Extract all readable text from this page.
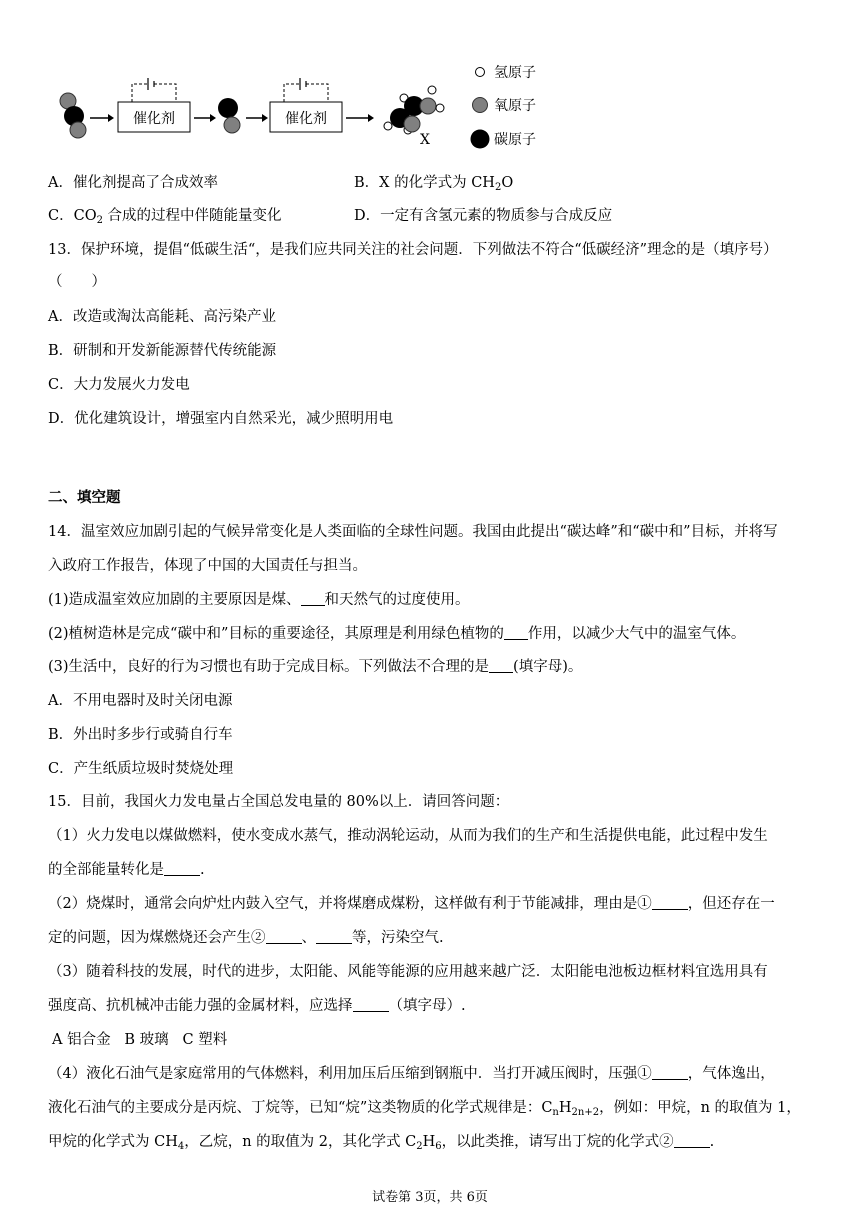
催化剂	催化剂
X
氢原子
氧原子
碳原子
A．催化剂提高了合成效率	B．X 的化学式为 $CH_2O$
C．$CO_2$ 合成的过程中伴随能量变化	D．一定有含氢元素的物质参与合成反应
13．保护环境，提倡“低碳生活“，是我们应共同关注的社会问题．下列做法不符合“低碳经济”理念的是（填序号）
（　　）
A．改造或淘汰高能耗、高污染产业
B．研制和开发新能源替代传统能源
C．大力发展火力发电
D．优化建筑设计，增强室内自然采光，减少照明用电
二、填空题
14．温室效应加剧引起的气候异常变化是人类面临的全球性问题。我国由此提出“碳达峰”和“碳中和”目标，并将写
入政府工作报告，体现了中国的大国责任与担当。
(1)造成温室效应加剧的主要原因是煤、 和天然气的过度使用。
(2)植树造林是完成“碳中和”目标的重要途径，其原理是利用绿色植物的 作用，以减少大气中的温室气体。
(3)生活中，良好的行为习惯也有助于完成目标。下列做法不合理的是 (填字母)。
A．不用电器时及时关闭电源
B．外出时多步行或骑自行车
C．产生纸质垃圾时焚烧处理
15．目前，我国火力发电量占全国总发电量的 80%以上．请回答问题：
（1）火力发电以煤做燃料，使水变成水蒸气，推动涡轮运动，从而为我们的生产和生活提供电能，此过程中发生
的全部能量转化是 .
（2）烧煤时，通常会向炉灶内鼓入空气，并将煤磨成煤粉，这样做有利于节能减排，理由是① ，但还存在一
定的问题，因为煤燃烧还会产生② 、 等，污染空气.
（3）随着科技的发展，时代的进步，太阳能、风能等能源的应用越来越广泛．太阳能电池板边框材料宜选用具有
强度高、抗机械冲击能力强的金属材料，应选择 （填字母）.
A 铝合金   B 玻璃   C 塑料
（4）液化石油气是家庭常用的气体燃料，利用加压后压缩到钢瓶中．当打开减压阀时，压强① ，气体逸出，
液化石油气的主要成分是丙烷、丁烷等，已知“烷”这类物质的化学式规律是：$C_nH_{2n+2}$，例如：甲烷，n 的取值为 1，
甲烷的化学式为 $CH_4$，乙烷，n 的取值为 2，其化学式 $C_2H_6$，以此类推，请写出丁烷的化学式② .
试卷第 3页，共 6页
